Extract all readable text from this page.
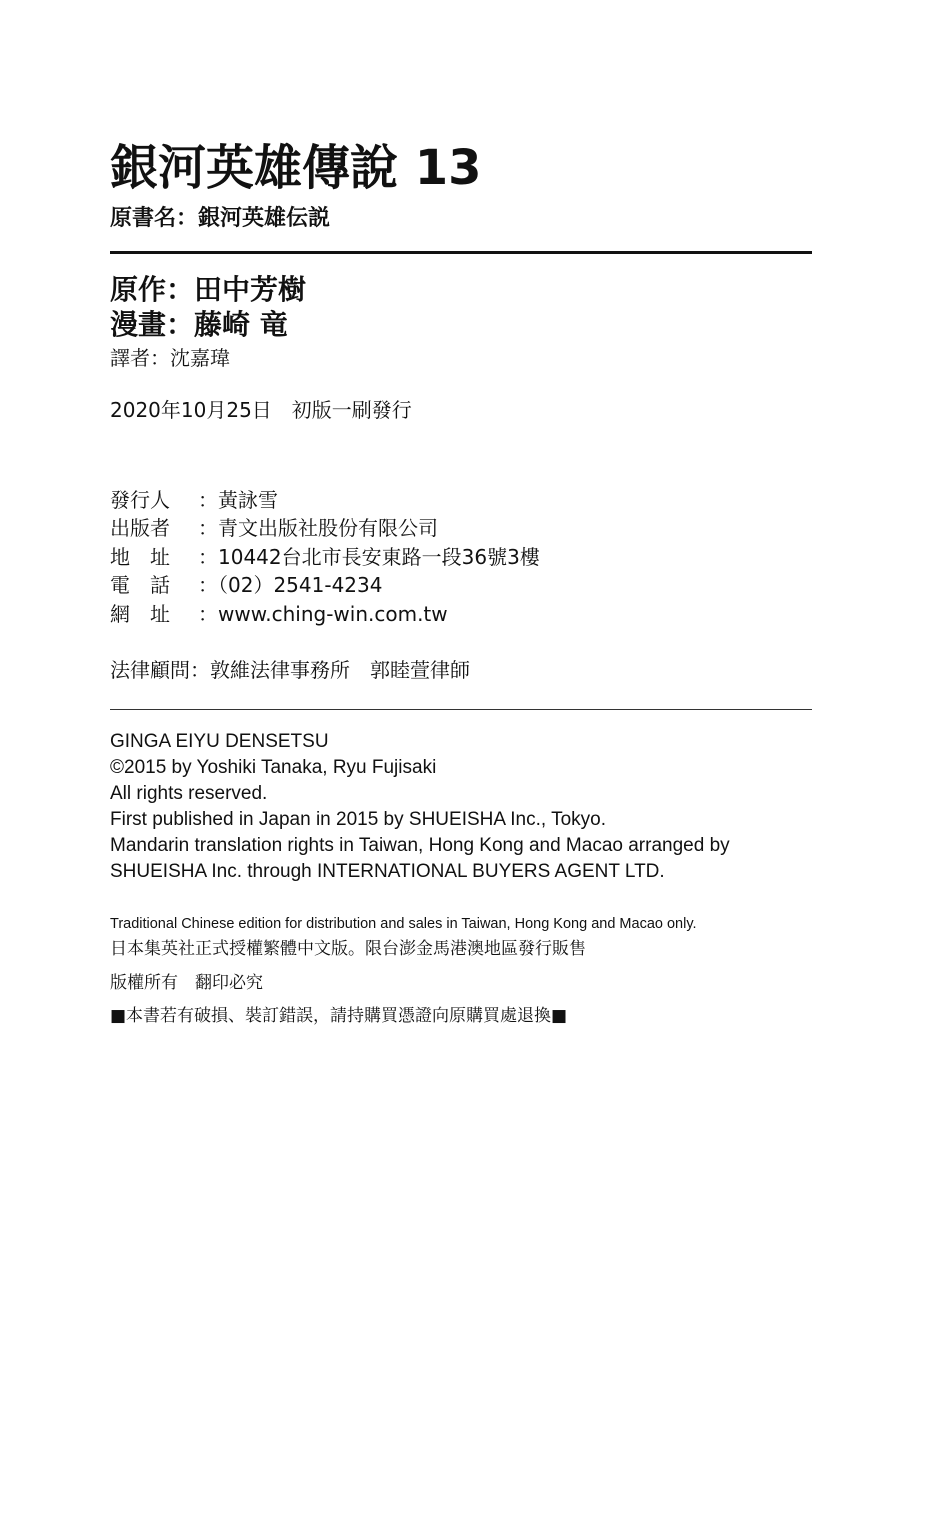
銀河英雄傳說 13
原書名：銀河英雄伝説
原作：田中芳樹
漫畫：藤崎 竜
譯者：沈嘉瑋
2020年10月25日　初版一刷發行
發行人 ：黃詠雪
出版者 ：青文出版社股份有限公司
地　址 ：10442台北市長安東路一段36號3樓
電　話 ：（02）2541-4234
網　址 ：www.ching-win.com.tw
法律顧問：敦維法律事務所　郭睦萱律師
GINGA EIYU DENSETSU
©2015 by Yoshiki Tanaka, Ryu Fujisaki
All rights reserved.
First published in Japan in 2015 by SHUEISHA Inc., Tokyo.
Mandarin translation rights in Taiwan, Hong Kong and Macao arranged by
SHUEISHA Inc. through INTERNATIONAL BUYERS AGENT LTD.
Traditional Chinese edition for distribution and sales in Taiwan, Hong Kong and Macao only.
日本集英社正式授權繁體中文版。限台澎金馬港澳地區發行販售
版權所有　翻印必究
■本書若有破損、裝訂錯誤，請持購買憑證向原購買處退換■
